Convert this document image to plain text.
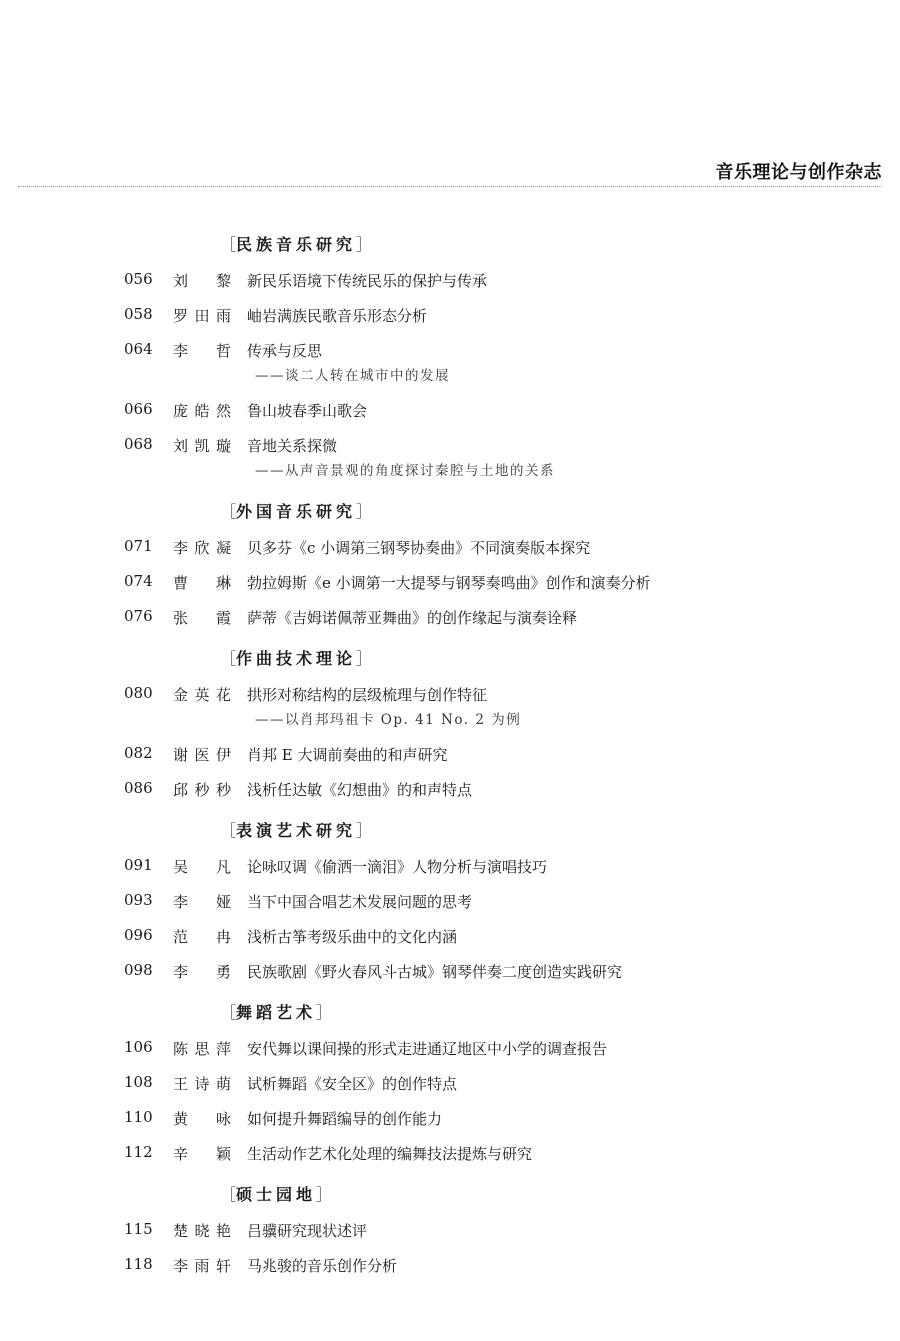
音乐理论与创作杂志
［民族音乐研究］
056 刘 黎 新民乐语境下传统民乐的保护与传承
058 罗田雨 岫岩满族民歌音乐形态分析
064 李 哲 传承与反思
——谈二人转在城市中的发展
066 庞皓然 鲁山坡春季山歌会
068 刘凯璇 音地关系探微
——从声音景观的角度探讨秦腔与土地的关系
［外国音乐研究］
071 李欣凝 贝多芬《c 小调第三钢琴协奏曲》不同演奏版本探究
074 曹 琳 勃拉姆斯《e 小调第一大提琴与钢琴奏鸣曲》创作和演奏分析
076 张 霞 萨蒂《吉姆诺佩蒂亚舞曲》的创作缘起与演奏诠释
［作曲技术理论］
080 金英花 拱形对称结构的层级梳理与创作特征
——以肖邦玛祖卡 Op. 41 No. 2 为例
082 谢医伊 肖邦 E 大调前奏曲的和声研究
086 邱秒秒 浅析任达敏《幻想曲》的和声特点
［表演艺术研究］
091 吴 凡 论咏叹调《偷洒一滴泪》人物分析与演唱技巧
093 李 娅 当下中国合唱艺术发展问题的思考
096 范 冉 浅析古筝考级乐曲中的文化内涵
098 李 勇 民族歌剧《野火春风斗古城》钢琴伴奏二度创造实践研究
［舞蹈艺术］
106 陈思萍 安代舞以课间操的形式走进通辽地区中小学的调查报告
108 王诗萌 试析舞蹈《安全区》的创作特点
110 黄 咏 如何提升舞蹈编导的创作能力
112 辛 颖 生活动作艺术化处理的编舞技法提炼与研究
［硕士园地］
115 楚晓艳 吕骥研究现状述评
118 李雨轩 马兆骏的音乐创作分析
